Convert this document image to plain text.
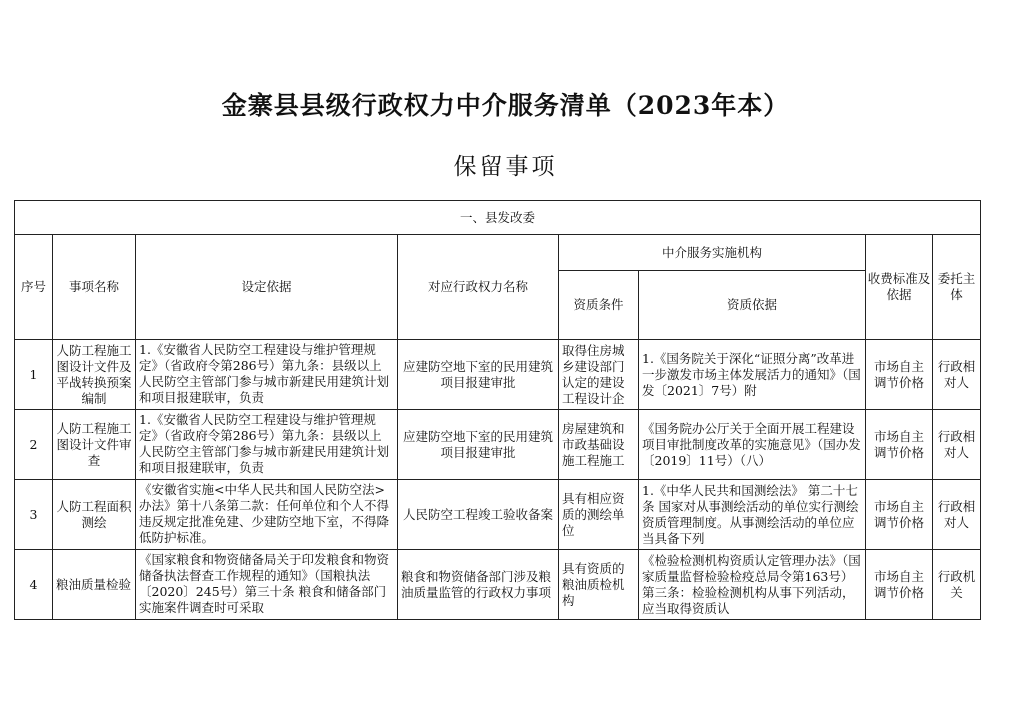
金寨县县级行政权力中介服务清单（2023年本）
保留事项
一、县发改委							
序号	事项名称	设定依据	对应行政权力名称	中介服务实施机构		收费标准及依据	委托主体
				资质条件	资质依据		
1	人防工程施工图设计文件及平战转换预案编制	1.《安徽省人民防空工程建设与维护管理规定》（省政府令第286号）第九条：县级以上人民防空主管部门参与城市新建民用建筑计划和项目报建联审，负责	应建防空地下室的民用建筑项目报建审批	取得住房城乡建设部门认定的建设工程设计企	1.《国务院关于深化“证照分离”改革进一步激发市场主体发展活力的通知》（国发〔2021〕7号）附	市场自主调节价格	行政相对人

2	人防工程施工图设计文件审查	1.《安徽省人民防空工程建设与维护管理规定》（省政府令第286号）第九条：县级以上人民防空主管部门参与城市新建民用建筑计划和项目报建联审，负责	应建防空地下室的民用建筑项目报建审批	房屋建筑和市政基础设施工程施工	《国务院办公厅关于全面开展工程建设项目审批制度改革的实施意见》（国办发〔2019〕11号）（八）	市场自主调节价格	行政相对人

3	人防工程面积测绘	《安徽省实施<中华人民共和国人民防空法>办法》第十八条第二款：任何单位和个人不得违反规定批准免建、少建防空地下室，不得降低防护标准。	人民防空工程竣工验收备案	具有相应资质的测绘单位	1.《中华人民共和国测绘法》 第二十七条 国家对从事测绘活动的单位实行测绘资质管理制度。从事测绘活动的单位应当具备下列	市场自主调节价格	行政相对人

4	粮油质量检验	《国家粮食和物资储备局关于印发粮食和物资储备执法督查工作规程的通知》（国粮执法〔2020〕245号）第三十条 粮食和储备部门实施案件调查时可采取	粮食和物资储备部门涉及粮油质量监管的行政权力事项	具有资质的粮油质检机构	《检验检测机构资质认定管理办法》（国家质量监督检验检疫总局令第163号）第三条：检验检测机构从事下列活动，应当取得资质认	市场自主调节价格	行政机关
